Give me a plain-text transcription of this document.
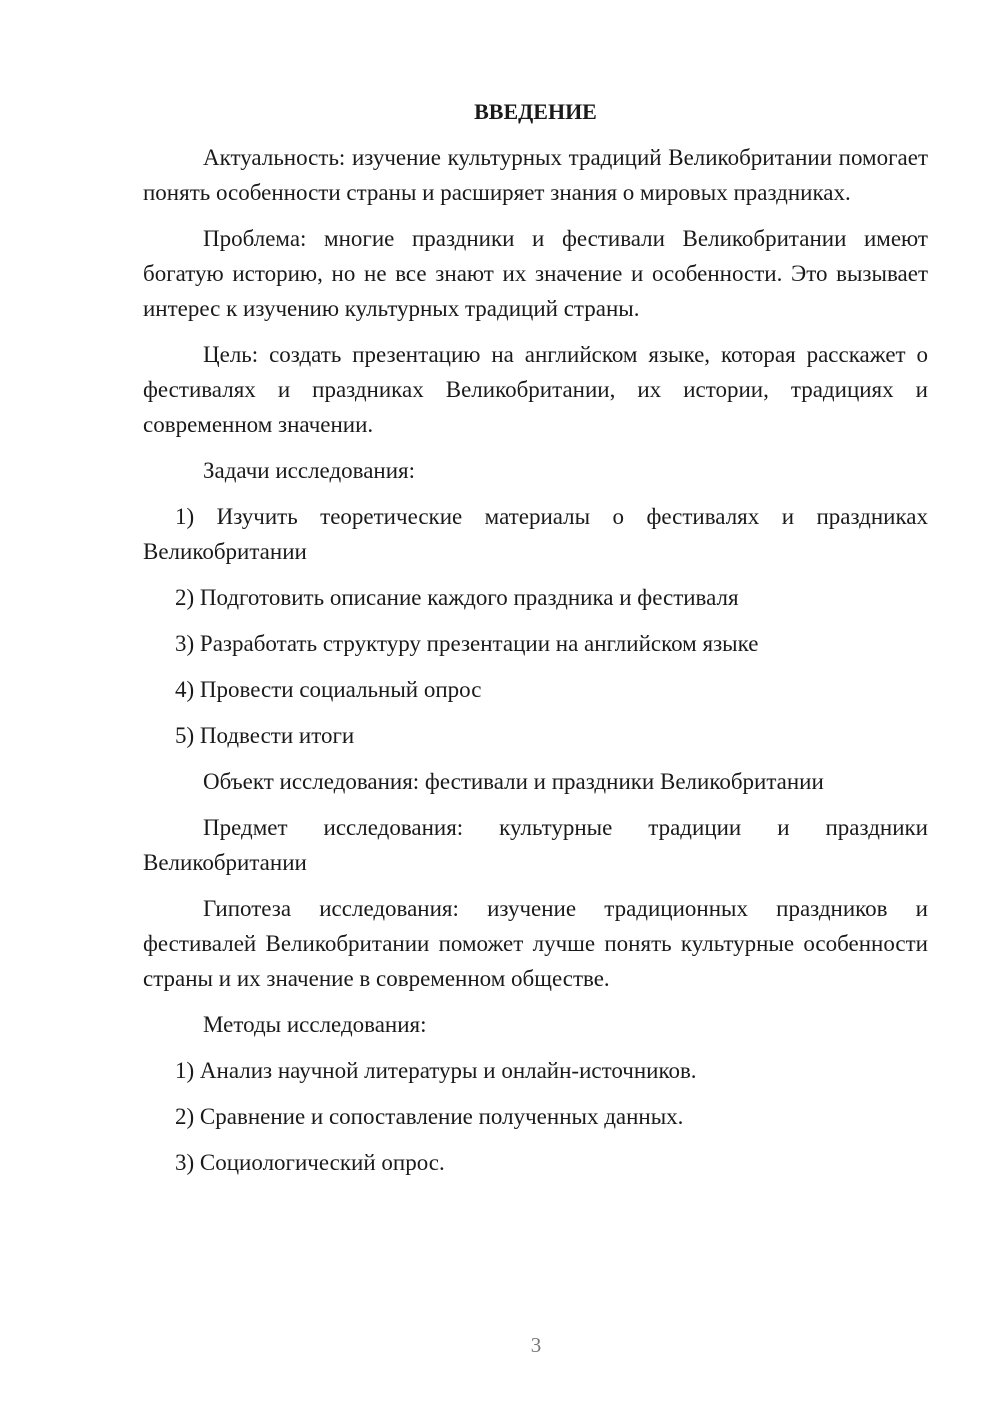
ВВЕДЕНИЕ
Актуальность: изучение культурных традиций Великобритании помогает понять особенности страны и расширяет знания о мировых праздниках.
Проблема: многие праздники и фестивали Великобритании имеют богатую историю, но не все знают их значение и особенности. Это вызывает интерес к изучению культурных традиций страны.
Цель: создать презентацию на английском языке, которая расскажет о фестивалях и праздниках Великобритании, их истории, традициях и современном значении.
Задачи исследования:
1) Изучить теоретические материалы о фестивалях и праздниках Великобритании
2) Подготовить описание каждого праздника и фестиваля
3) Разработать структуру презентации на английском языке
4) Провести социальный опрос
5) Подвести итоги
Объект исследования: фестивали и праздники Великобритании
Предмет исследования: культурные традиции и праздники Великобритании
Гипотеза исследования: изучение традиционных праздников и фестивалей Великобритании поможет лучше понять культурные особенности страны и их значение в современном обществе.
Методы исследования:
1) Анализ научной литературы и онлайн-источников.
2) Сравнение и сопоставление полученных данных.
3) Социологический опрос.
3
